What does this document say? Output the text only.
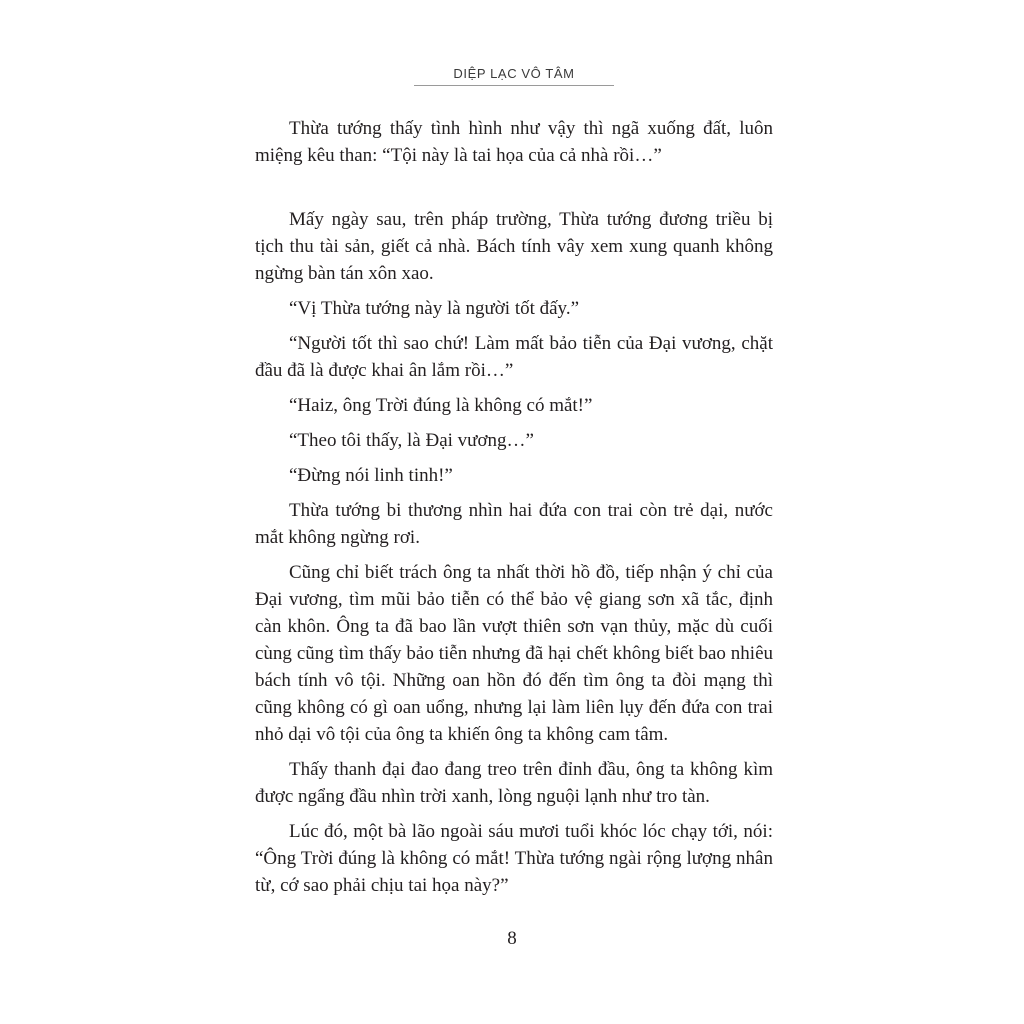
DIỆP LẠC VÔ TÂM

Thừa tướng thấy tình hình như vậy thì ngã xuống đất, luôn miệng kêu than: “Tội này là tai họa của cả nhà rồi…”

Mấy ngày sau, trên pháp trường, Thừa tướng đương triều bị tịch thu tài sản, giết cả nhà. Bách tính vây xem xung quanh không ngừng bàn tán xôn xao.

“Vị Thừa tướng này là người tốt đấy.”

“Người tốt thì sao chứ! Làm mất bảo tiễn của Đại vương, chặt đầu đã là được khai ân lắm rồi…”

“Haiz, ông Trời đúng là không có mắt!”

“Theo tôi thấy, là Đại vương…”

“Đừng nói linh tinh!”

Thừa tướng bi thương nhìn hai đứa con trai còn trẻ dại, nước mắt không ngừng rơi.

Cũng chỉ biết trách ông ta nhất thời hồ đồ, tiếp nhận ý chỉ của Đại vương, tìm mũi bảo tiễn có thể bảo vệ giang sơn xã tắc, định càn khôn. Ông ta đã bao lần vượt thiên sơn vạn thủy, mặc dù cuối cùng cũng tìm thấy bảo tiễn nhưng đã hại chết không biết bao nhiêu bách tính vô tội. Những oan hồn đó đến tìm ông ta đòi mạng thì cũng không có gì oan uổng, nhưng lại làm liên lụy đến đứa con trai nhỏ dại vô tội của ông ta khiến ông ta không cam tâm.

Thấy thanh đại đao đang treo trên đỉnh đầu, ông ta không kìm được ngẩng đầu nhìn trời xanh, lòng nguội lạnh như tro tàn.

Lúc đó, một bà lão ngoài sáu mươi tuổi khóc lóc chạy tới, nói: “Ông Trời đúng là không có mắt! Thừa tướng ngài rộng lượng nhân từ, cớ sao phải chịu tai họa này?”

8
